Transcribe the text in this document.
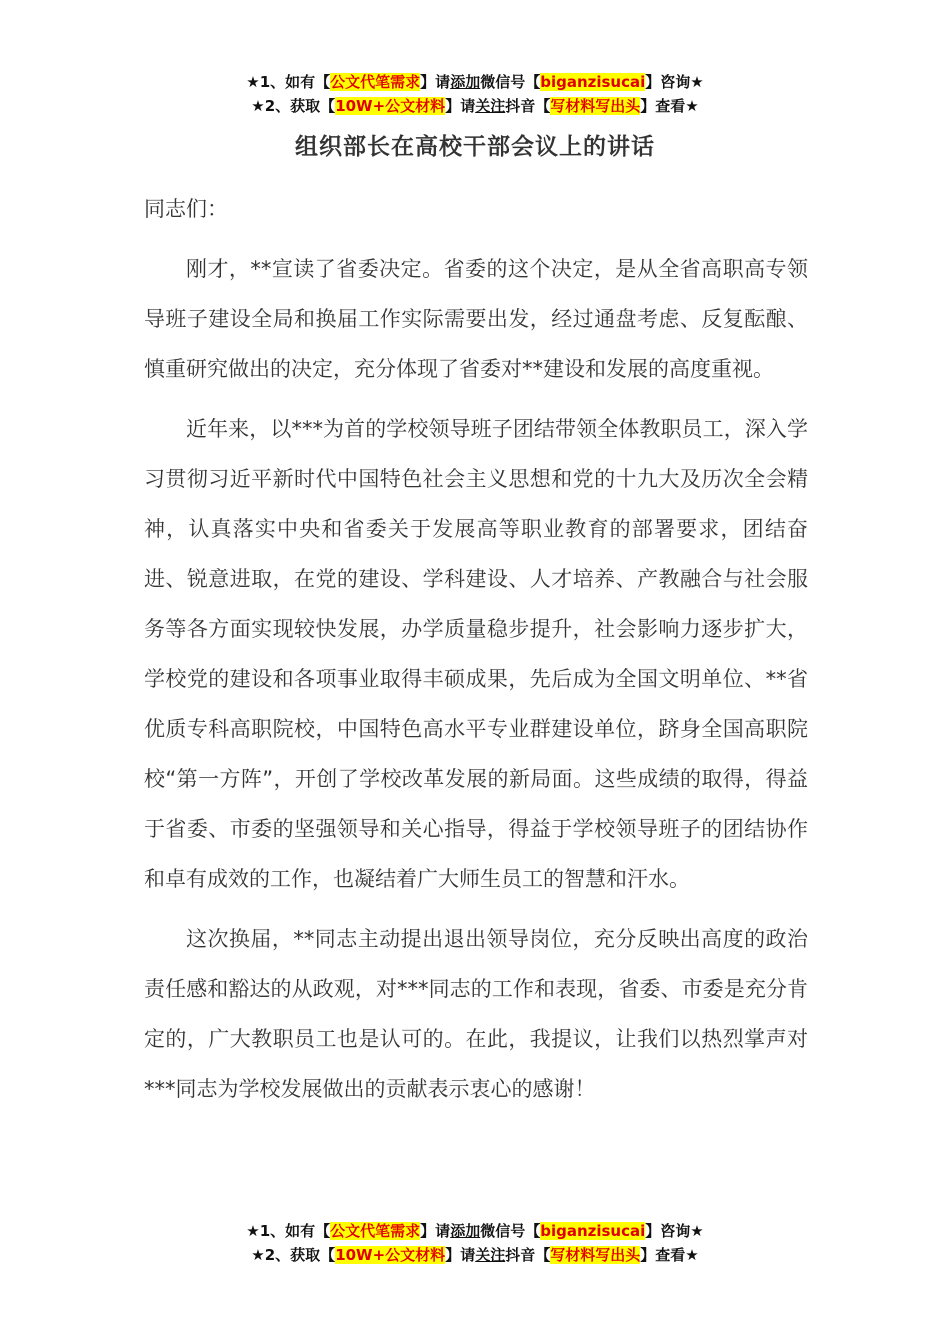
★1、如有【公文代笔需求】请添加微信号【biganzisucai】咨询★
★2、获取【10W+公文材料】请关注抖音【写材料写出头】查看★
组织部长在高校干部会议上的讲话

同志们：

刚才，**宣读了省委决定。省委的这个决定，是从全省高职高专领导班子建设全局和换届工作实际需要出发，经过通盘考虑、反复酝酿、慎重研究做出的决定，充分体现了省委对**建设和发展的高度重视。

近年来，以***为首的学校领导班子团结带领全体教职员工，深入学习贯彻习近平新时代中国特色社会主义思想和党的十九大及历次全会精神，认真落实中央和省委关于发展高等职业教育的部署要求，团结奋进、锐意进取，在党的建设、学科建设、人才培养、产教融合与社会服务等各方面实现较快发展，办学质量稳步提升，社会影响力逐步扩大，学校党的建设和各项事业取得丰硕成果，先后成为全国文明单位、**省优质专科高职院校，中国特色高水平专业群建设单位，跻身全国高职院校“第一方阵”，开创了学校改革发展的新局面。这些成绩的取得，得益于省委、市委的坚强领导和关心指导，得益于学校领导班子的团结协作和卓有成效的工作，也凝结着广大师生员工的智慧和汗水。

这次换届，**同志主动提出退出领导岗位，充分反映出高度的政治责任感和豁达的从政观，对***同志的工作和表现，省委、市委是充分肯定的，广大教职员工也是认可的。在此，我提议，让我们以热烈掌声对***同志为学校发展做出的贡献表示衷心的感谢！

★1、如有【公文代笔需求】请添加微信号【biganzisucai】咨询★
★2、获取【10W+公文材料】请关注抖音【写材料写出头】查看★
